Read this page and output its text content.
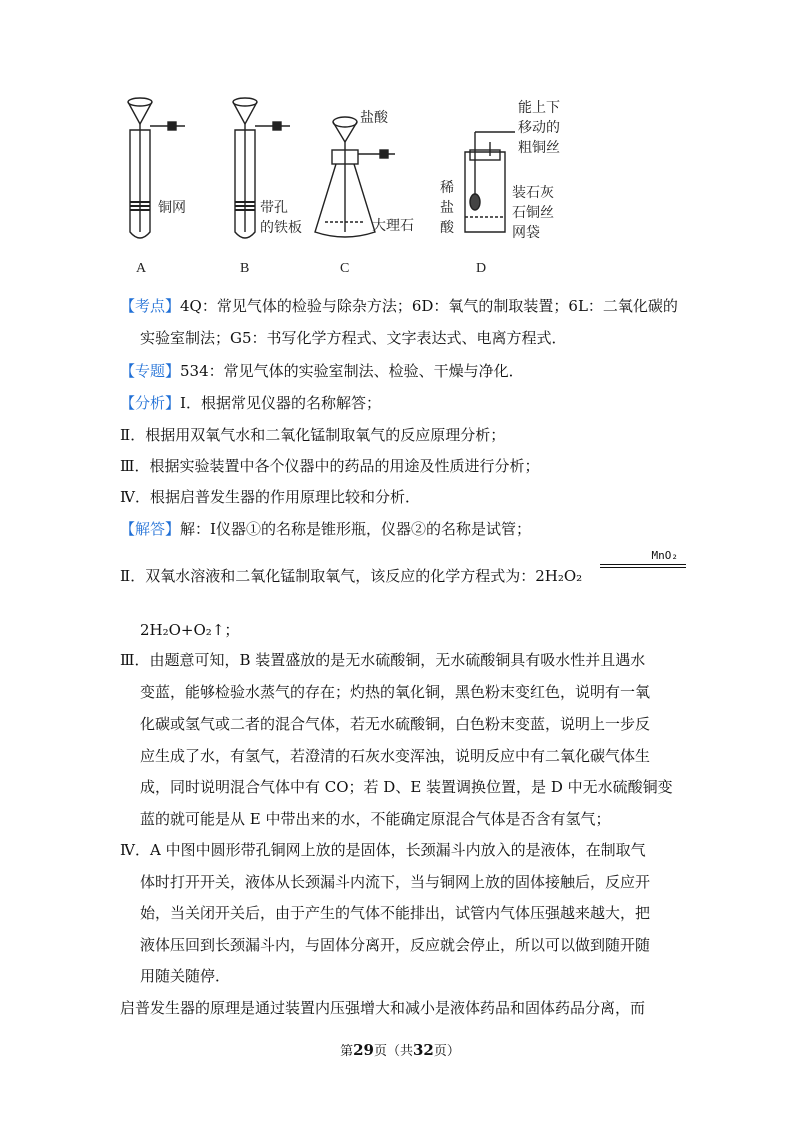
铜网	带孔
的铁板
盐酸
大理石
能上下
移动的
粗铜丝
稀
盐
酸
装石灰
石铜丝
网袋
A	B	C	D
【考点】4Q：常见气体的检验与除杂方法；6D：氧气的制取装置；6L：二氧化碳的
实验室制法；G5：书写化学方程式、文字表达式、电离方程式．
【专题】534：常见气体的实验室制法、检验、干燥与净化．
【分析】Ⅰ．根据常见仪器的名称解答；
Ⅱ．根据用双氧气水和二氧化锰制取氧气的反应原理分析；
Ⅲ．根据实验装置中各个仪器中的药品的用途及性质进行分析；
Ⅳ．根据启普发生器的作用原理比较和分析．
【解答】解：Ⅰ仪器①的名称是锥形瓶，仪器②的名称是试管；
Ⅱ．双氧水溶液和二氧化锰制取氧气，该反应的化学方程式为：2H₂O₂
MnO₂
2H₂O+O₂↑；
Ⅲ．由题意可知，B 装置盛放的是无水硫酸铜，无水硫酸铜具有吸水性并且遇水
变蓝，能够检验水蒸气的存在；灼热的氧化铜，黑色粉末变红色，说明有一氧
化碳或氢气或二者的混合气体，若无水硫酸铜，白色粉末变蓝，说明上一步反
应生成了水，有氢气，若澄清的石灰水变浑浊，说明反应中有二氧化碳气体生
成，同时说明混合气体中有 CO；若 D、E 装置调换位置，是 D 中无水硫酸铜变
蓝的就可能是从 E 中带出来的水，不能确定原混合气体是否含有氢气；
Ⅳ．A 中图中圆形带孔铜网上放的是固体，长颈漏斗内放入的是液体，在制取气
体时打开开关，液体从长颈漏斗内流下，当与铜网上放的固体接触后，反应开
始，当关闭开关后，由于产生的气体不能排出，试管内气体压强越来越大，把
液体压回到长颈漏斗内，与固体分离开，反应就会停止，所以可以做到随开随
用随关随停．
启普发生器的原理是通过装置内压强增大和减小是液体药品和固体药品分离，而
第29页（共32页）
